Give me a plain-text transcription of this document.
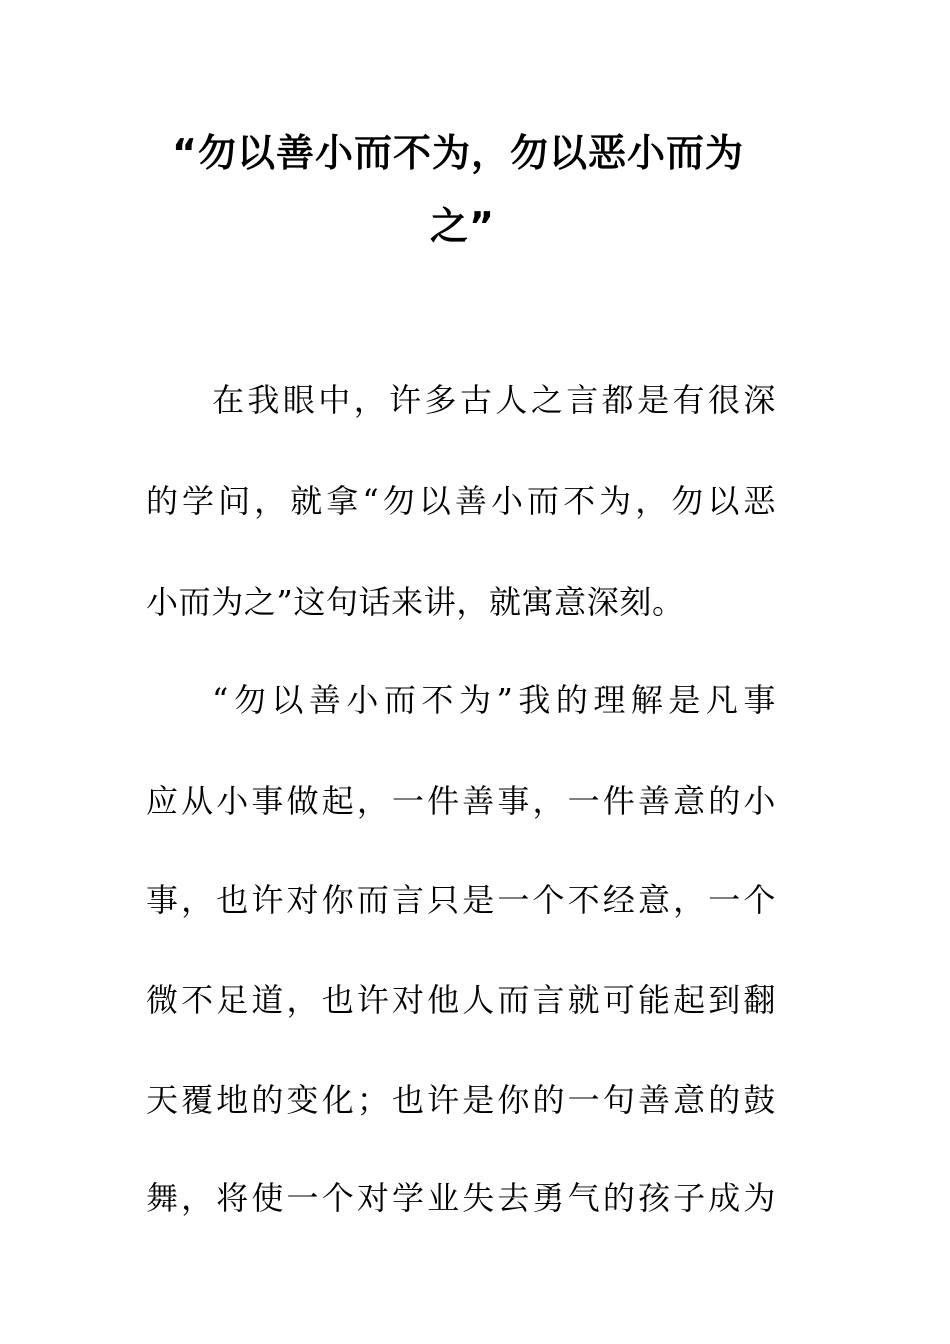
“勿以善小而不为，勿以恶小而为
之”
在我眼中，许多古人之言都是有很深
的学问，就拿“勿以善小而不为，勿以恶
小而为之”这句话来讲，就寓意深刻。
“勿以善小而不为”我的理解是凡事
应从小事做起，一件善事，一件善意的小
事，也许对你而言只是一个不经意，一个
微不足道，也许对他人而言就可能起到翻
天覆地的变化；也许是你的一句善意的鼓
舞，将使一个对学业失去勇气的孩子成为
